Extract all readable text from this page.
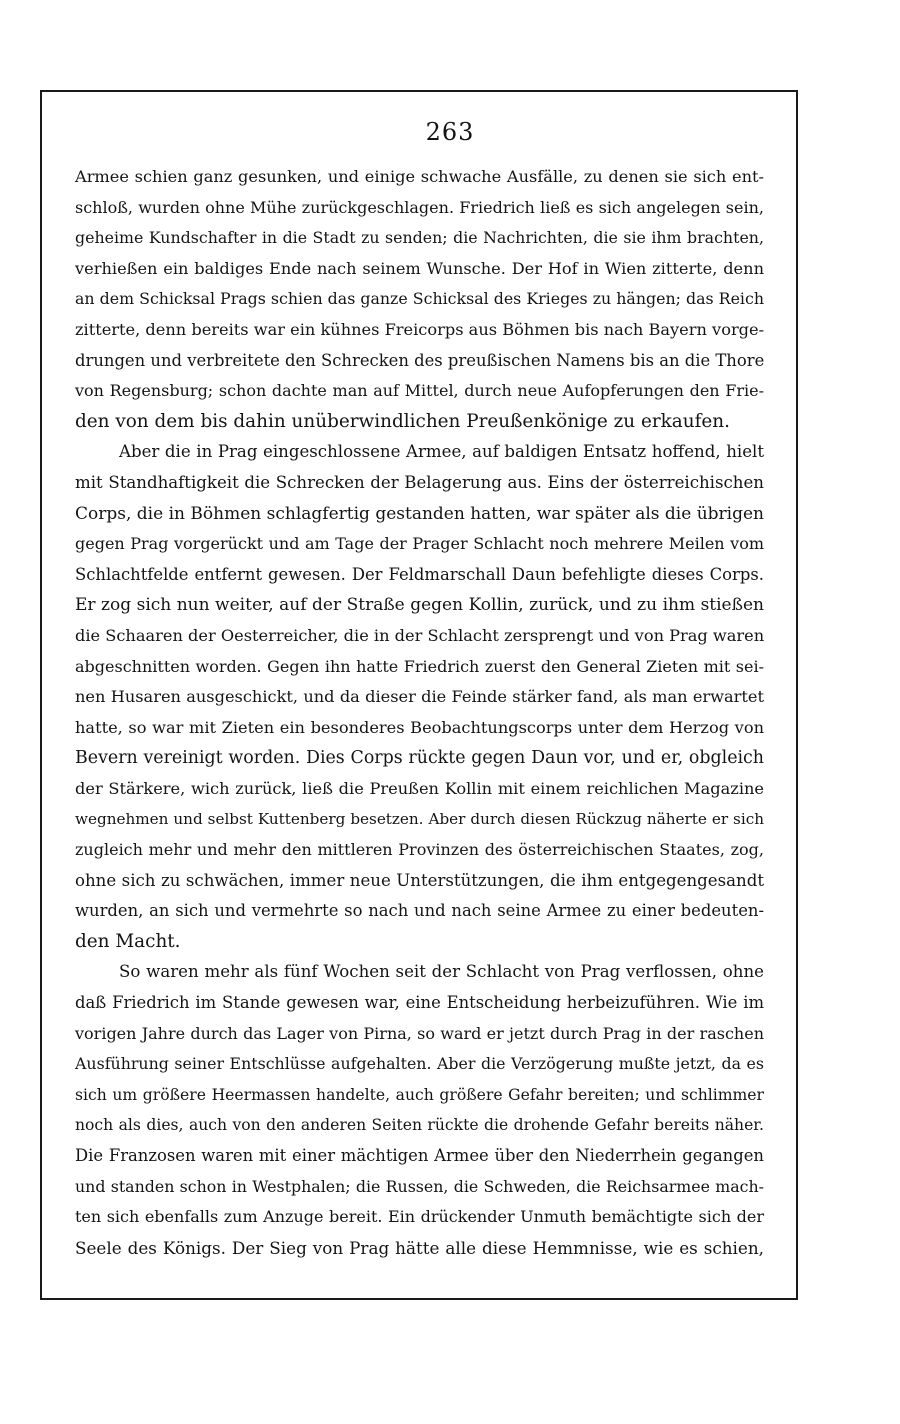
263
Armee schien ganz gesunken, und einige schwache Ausfälle, zu denen sie sich ent-
schloß, wurden ohne Mühe zurückgeschlagen. Friedrich ließ es sich angelegen sein,
geheime Kundschafter in die Stadt zu senden; die Nachrichten, die sie ihm brachten,
verhießen ein baldiges Ende nach seinem Wunsche. Der Hof in Wien zitterte, denn
an dem Schicksal Prags schien das ganze Schicksal des Krieges zu hängen; das Reich
zitterte, denn bereits war ein kühnes Freicorps aus Böhmen bis nach Bayern vorge-
drungen und verbreitete den Schrecken des preußischen Namens bis an die Thore
von Regensburg; schon dachte man auf Mittel, durch neue Aufopferungen den Frie-
den von dem bis dahin unüberwindlichen Preußenkönige zu erkaufen.
Aber die in Prag eingeschlossene Armee, auf baldigen Entsatz hoffend, hielt
mit Standhaftigkeit die Schrecken der Belagerung aus. Eins der österreichischen
Corps, die in Böhmen schlagfertig gestanden hatten, war später als die übrigen
gegen Prag vorgerückt und am Tage der Prager Schlacht noch mehrere Meilen vom
Schlachtfelde entfernt gewesen. Der Feldmarschall Daun befehligte dieses Corps.
Er zog sich nun weiter, auf der Straße gegen Kollin, zurück, und zu ihm stießen
die Schaaren der Oesterreicher, die in der Schlacht zersprengt und von Prag waren
abgeschnitten worden. Gegen ihn hatte Friedrich zuerst den General Zieten mit sei-
nen Husaren ausgeschickt, und da dieser die Feinde stärker fand, als man erwartet
hatte, so war mit Zieten ein besonderes Beobachtungscorps unter dem Herzog von
Bevern vereinigt worden. Dies Corps rückte gegen Daun vor, und er, obgleich
der Stärkere, wich zurück, ließ die Preußen Kollin mit einem reichlichen Magazine
wegnehmen und selbst Kuttenberg besetzen. Aber durch diesen Rückzug näherte er sich
zugleich mehr und mehr den mittleren Provinzen des österreichischen Staates, zog,
ohne sich zu schwächen, immer neue Unterstützungen, die ihm entgegengesandt
wurden, an sich und vermehrte so nach und nach seine Armee zu einer bedeuten-
den Macht.
So waren mehr als fünf Wochen seit der Schlacht von Prag verflossen, ohne
daß Friedrich im Stande gewesen war, eine Entscheidung herbeizuführen. Wie im
vorigen Jahre durch das Lager von Pirna, so ward er jetzt durch Prag in der raschen
Ausführung seiner Entschlüsse aufgehalten. Aber die Verzögerung mußte jetzt, da es
sich um größere Heermassen handelte, auch größere Gefahr bereiten; und schlimmer
noch als dies, auch von den anderen Seiten rückte die drohende Gefahr bereits näher.
Die Franzosen waren mit einer mächtigen Armee über den Niederrhein gegangen
und standen schon in Westphalen; die Russen, die Schweden, die Reichsarmee mach-
ten sich ebenfalls zum Anzuge bereit. Ein drückender Unmuth bemächtigte sich der
Seele des Königs. Der Sieg von Prag hätte alle diese Hemmnisse, wie es schien,
